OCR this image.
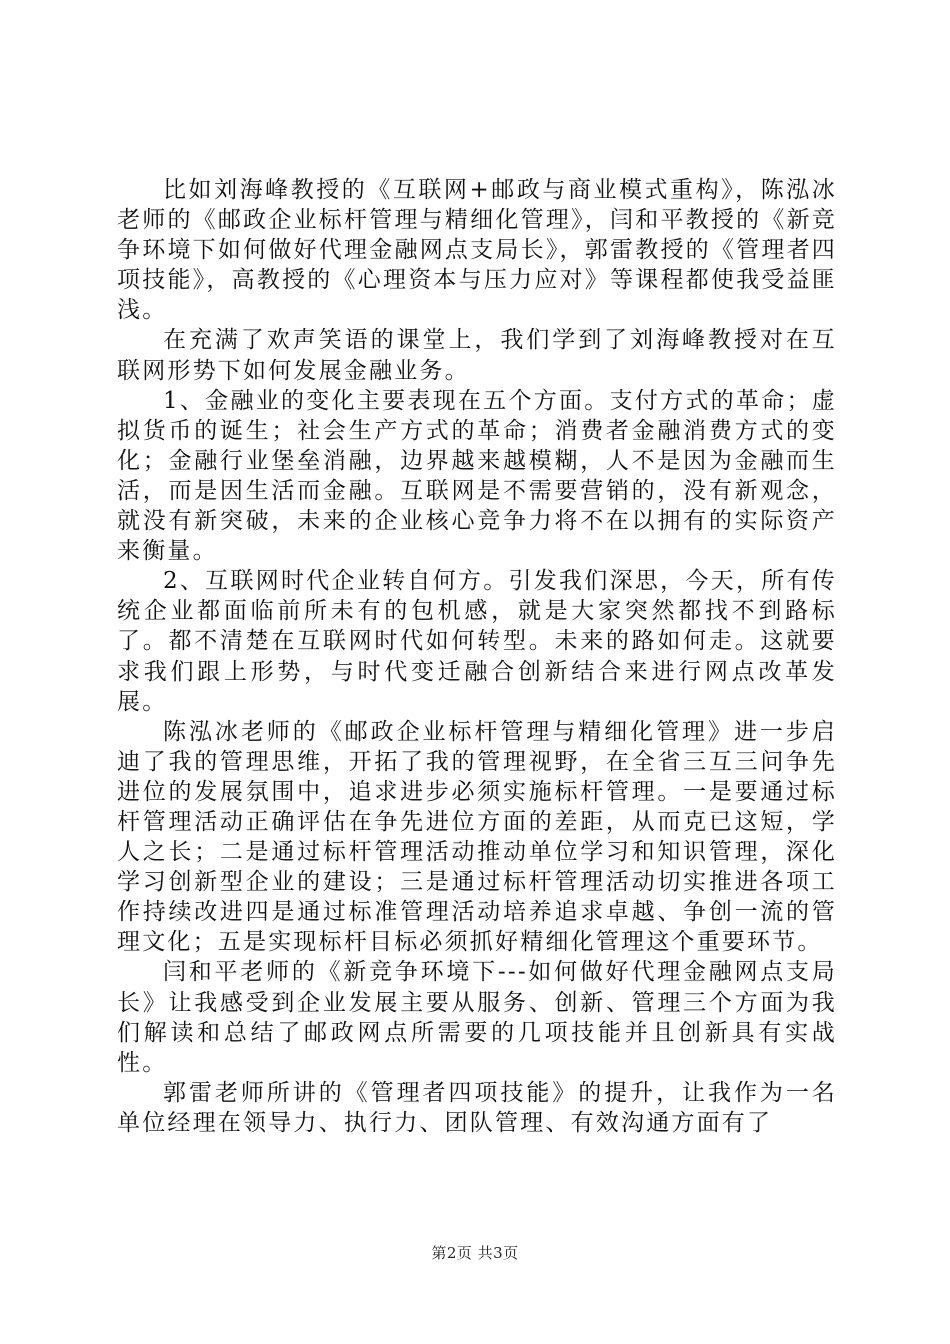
比如刘海峰教授的《互联网+邮政与商业模式重构》，陈泓冰老师的《邮政企业标杆管理与精细化管理》，闫和平教授的《新竞争环境下如何做好代理金融网点支局长》，郭雷教授的《管理者四项技能》，高教授的《心理资本与压力应对》等课程都使我受益匪浅。

在充满了欢声笑语的课堂上，我们学到了刘海峰教授对在互联网形势下如何发展金融业务。

1、金融业的变化主要表现在五个方面。支付方式的革命；虚拟货币的诞生；社会生产方式的革命；消费者金融消费方式的变化；金融行业堡垒消融，边界越来越模糊，人不是因为金融而生活，而是因生活而金融。互联网是不需要营销的，没有新观念，就没有新突破，未来的企业核心竞争力将不在以拥有的实际资产来衡量。

2、互联网时代企业转自何方。引发我们深思，今天，所有传统企业都面临前所未有的包机感，就是大家突然都找不到路标了。都不清楚在互联网时代如何转型。未来的路如何走。这就要求我们跟上形势，与时代变迁融合创新结合来进行网点改革发展。

陈泓冰老师的《邮政企业标杆管理与精细化管理》进一步启迪了我的管理思维，开拓了我的管理视野，在全省三互三问争先进位的发展氛围中，追求进步必须实施标杆管理。一是要通过标杆管理活动正确评估在争先进位方面的差距，从而克已这短，学人之长；二是通过标杆管理活动推动单位学习和知识管理，深化学习创新型企业的建设；三是通过标杆管理活动切实推进各项工作持续改进四是通过标准管理活动培养追求卓越、争创一流的管理文化；五是实现标杆目标必须抓好精细化管理这个重要环节。

闫和平老师的《新竞争环境下---如何做好代理金融网点支局长》让我感受到企业发展主要从服务、创新、管理三个方面为我们解读和总结了邮政网点所需要的几项技能并且创新具有实战性。

郭雷老师所讲的《管理者四项技能》的提升，让我作为一名单位经理在领导力、执行力、团队管理、有效沟通方面有了

第2页 共3页
